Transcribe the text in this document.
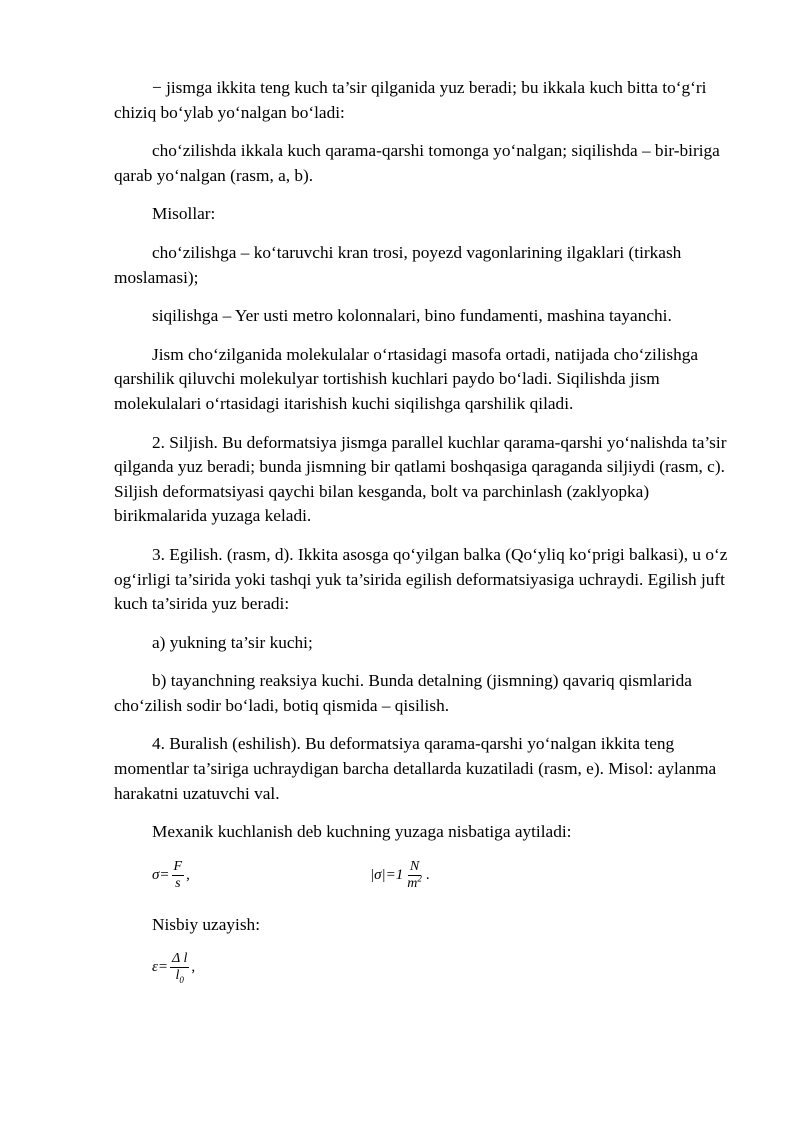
− jismga ikkita teng kuch ta’sir qilganida yuz beradi; bu ikkala kuch bitta to‘g‘ri chiziq bo‘ylab yo‘nalgan bo‘ladi:

cho‘zilishda ikkala kuch qarama-qarshi tomonga yo‘nalgan; siqilishda – bir-biriga qarab yo‘nalgan (rasm, a, b).

Misollar:

cho‘zilishga – ko‘taruvchi kran trosi, poyezd vagonlarining ilgaklari (tirkash moslamasi);

siqilishga – Yer usti metro kolonnalari, bino fundamenti, mashina tayanchi.

Jism cho‘zilganida molekulalar o‘rtasidagi masofa ortadi, natijada cho‘zilishga qarshilik qiluvchi molekulyar tortishish kuchlari paydo bo‘ladi. Siqilishda jism molekulalari o‘rtasidagi itarishish kuchi siqilishga qarshilik qiladi.

2. Siljish. Bu deformatsiya jismga parallel kuchlar qarama-qarshi yo‘nalishda ta’sir qilganda yuz beradi; bunda jismning bir qatlami boshqasiga qaraganda siljiydi (rasm, c). Siljish deformatsiyasi qaychi bilan kesganda, bolt va parchinlash (zaklyopka) birikmalarida yuzaga keladi.

3. Egilish. (rasm, d). Ikkita asosga qo‘yilgan balka (Qo‘yliq ko‘prigi balkasi), u o‘z og‘irligi ta’sirida yoki tashqi yuk ta’sirida egilish deformatsiyasiga uchraydi. Egilish juft kuch ta’sirida yuz beradi:

a) yukning ta’sir kuchi;

b) tayanchning reaksiya kuchi. Bunda detalning (jismning) qavariq qismlarida cho‘zilish sodir bo‘ladi, botiq qismida – qisilish.

4. Buralish (eshilish). Bu deformatsiya qarama-qarshi yo‘nalgan ikkita teng momentlar ta’siriga uchraydigan barcha detallarda kuzatiladi (rasm, e). Misol: aylanma harakatni uzatuvchi val.

Mexanik kuchlanish deb kuchning yuzaga nisbatiga aytiladi:

$\sigma= \frac{F}{s}$ ,	$|\sigma|=1 \frac{N}{m^2}$ .

Nisbiy uzayish:

$\varepsilon= \frac{\text{Δ l}}{l_0}$ ,
